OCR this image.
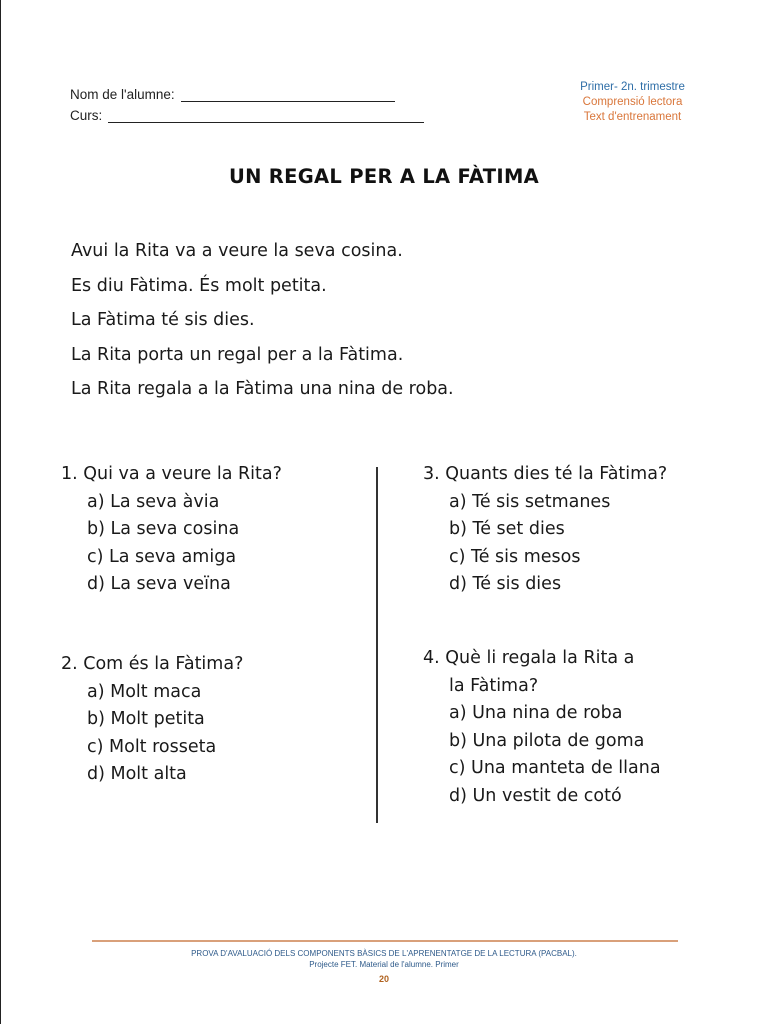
Nom de l'alumne:
Curs:
Primer- 2n. trimestre
Comprensió lectora
Text d'entrenament
UN REGAL PER A LA FÀTIMA
Avui la Rita va a veure la seva cosina.
Es diu Fàtima. És molt petita.
La Fàtima té sis dies.
La Rita porta un regal per a la Fàtima.
La Rita regala a la Fàtima una nina de roba.
1. Qui va a veure la Rita?
a) La seva àvia
b) La seva cosina
c) La seva amiga
d) La seva veïna
2. Com és la Fàtima?
a) Molt maca
b) Molt petita
c) Molt rosseta
d) Molt alta
3. Quants dies té la Fàtima?
a) Té sis setmanes
b) Té set dies
c) Té sis mesos
d) Té sis dies
4. Què li regala la Rita a
la Fàtima?
a) Una nina de roba
b) Una pilota de goma
c) Una manteta de llana
d) Un vestit de cotó
PROVA D'AVALUACIÓ DELS COMPONENTS BÀSICS DE L'APRENENTATGE DE LA LECTURA (PACBAL).
Projecte FET. Material de l'alumne. Primer
20
